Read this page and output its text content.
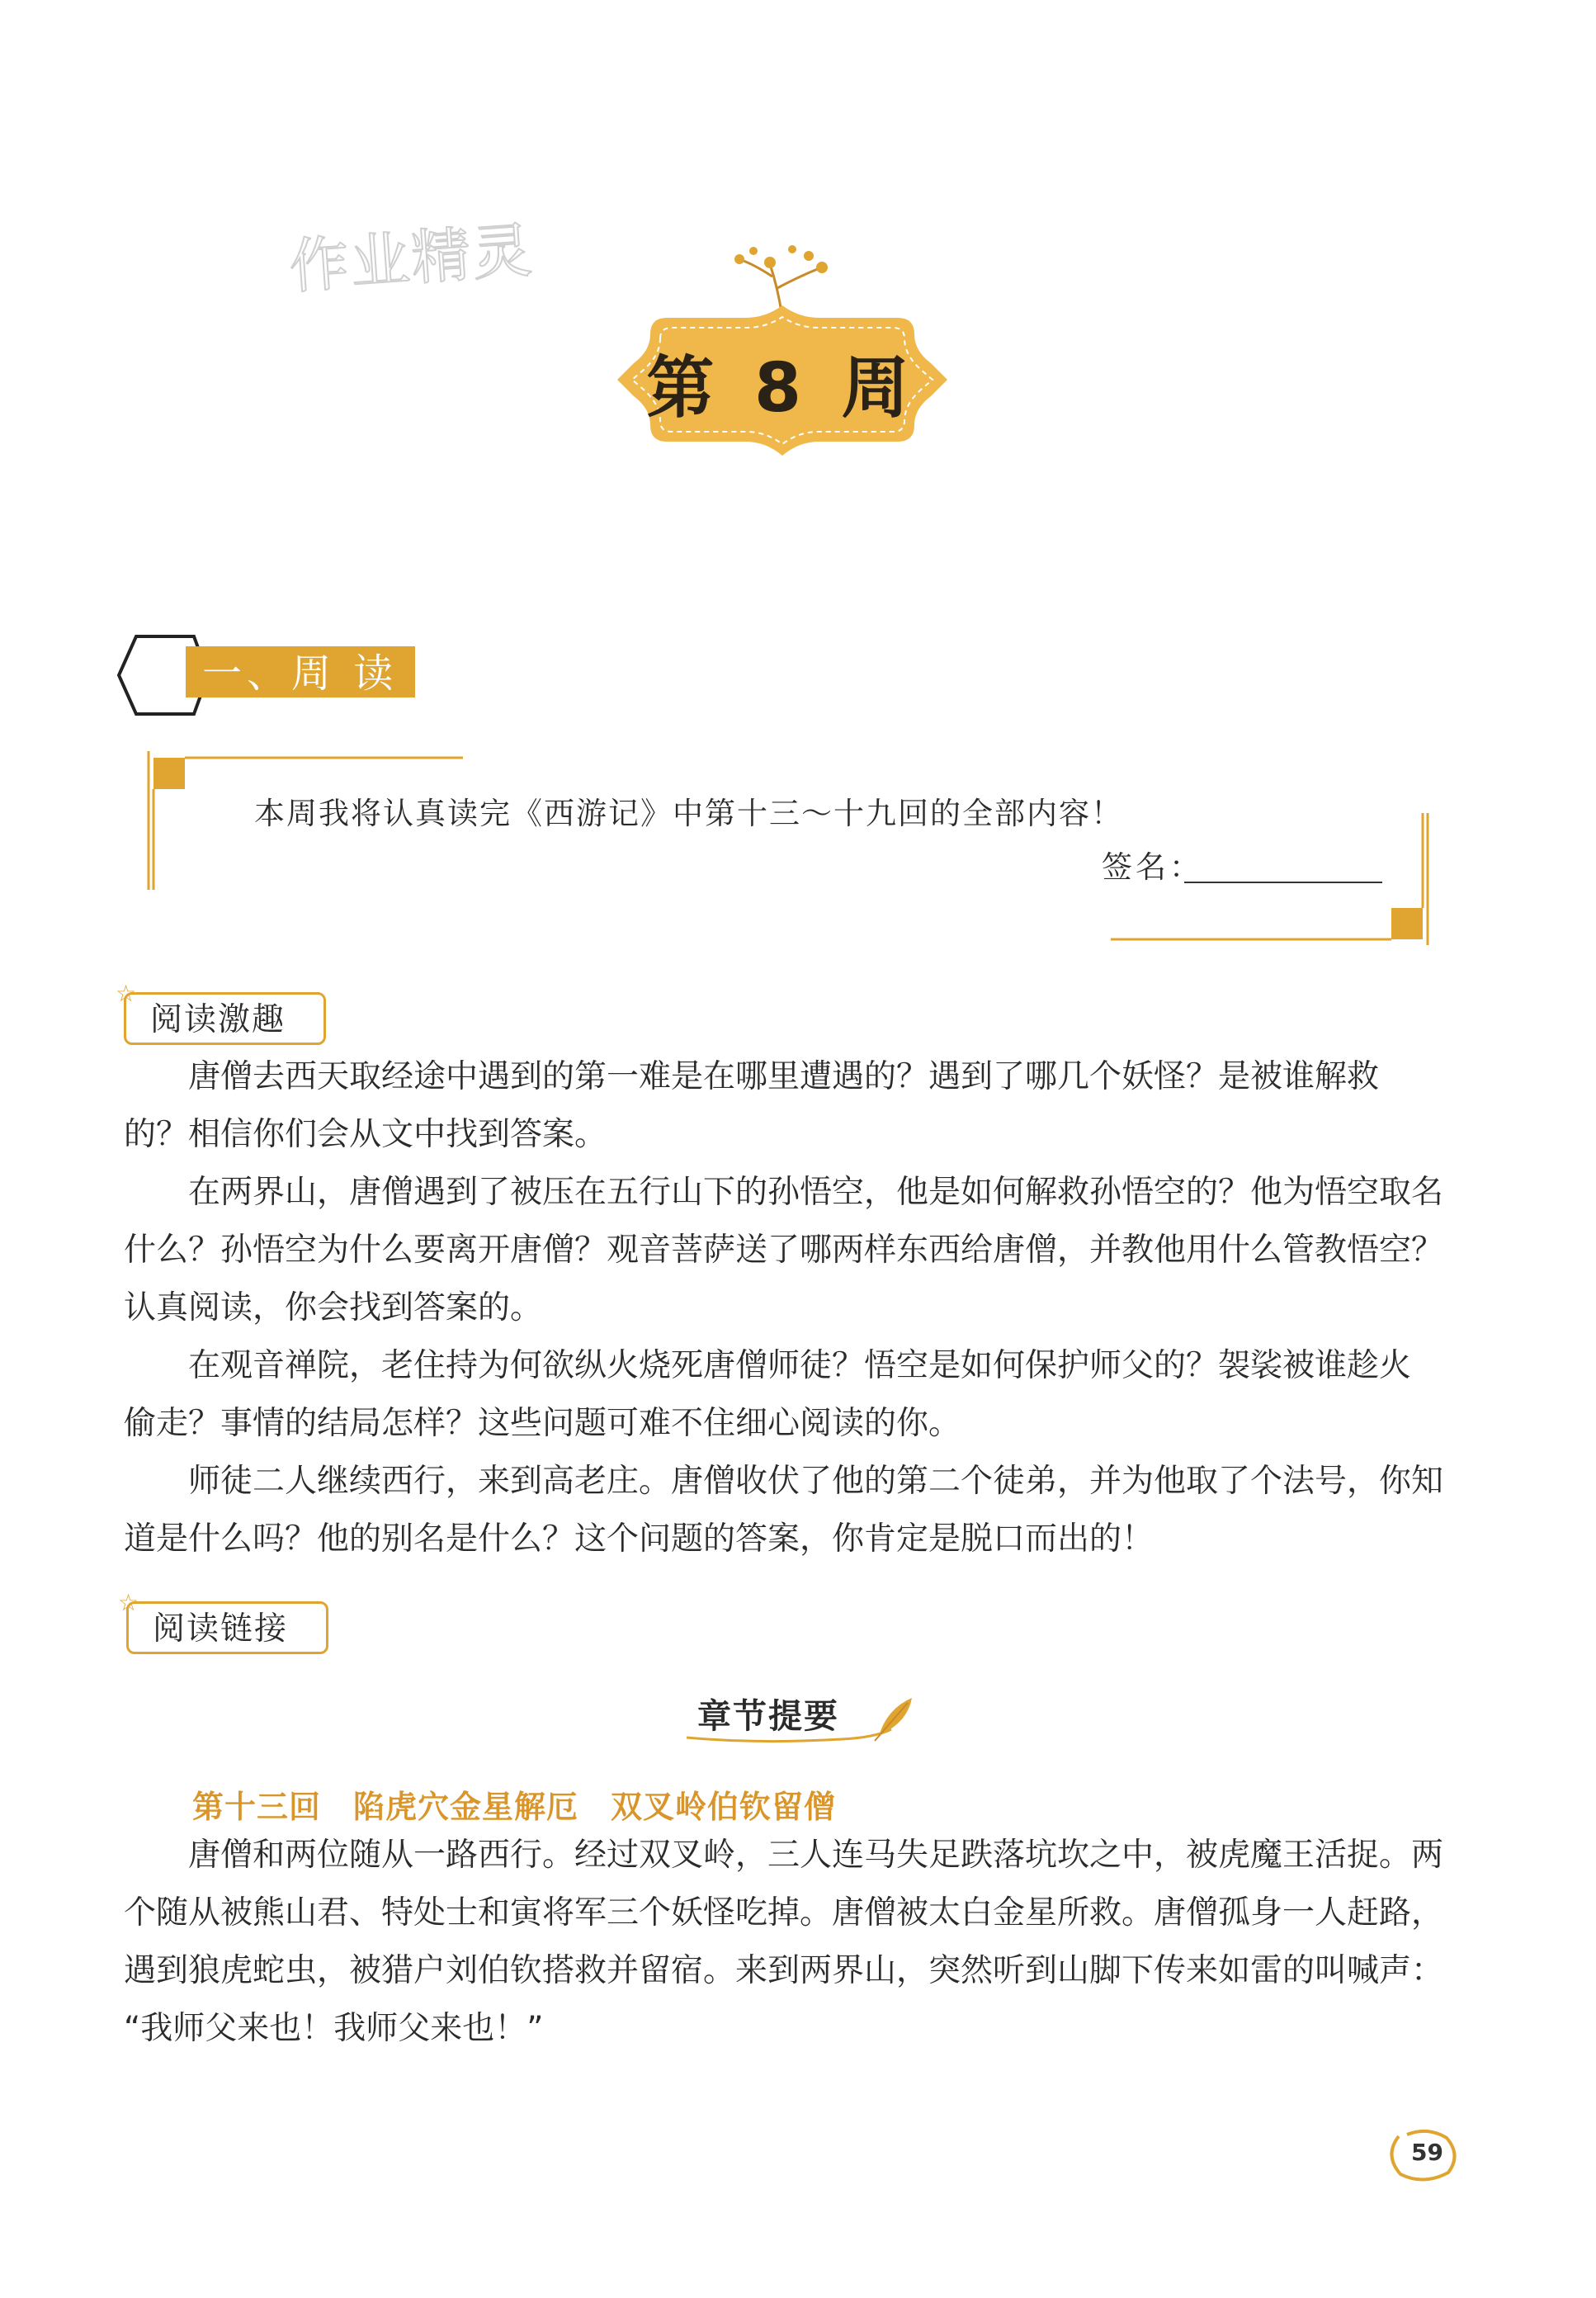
作业精灵
第 8 周
一、周 读
本周我将认真读完《西游记》中第十三～十九回的全部内容！
签名：
☆
阅读激趣
唐僧去西天取经途中遇到的第一难是在哪里遭遇的？遇到了哪几个妖怪？是被谁解救
的？相信你们会从文中找到答案。
在两界山，唐僧遇到了被压在五行山下的孙悟空，他是如何解救孙悟空的？他为悟空取名
什么？孙悟空为什么要离开唐僧？观音菩萨送了哪两样东西给唐僧，并教他用什么管教悟空？
认真阅读，你会找到答案的。
在观音禅院，老住持为何欲纵火烧死唐僧师徒？悟空是如何保护师父的？袈裟被谁趁火
偷走？事情的结局怎样？这些问题可难不住细心阅读的你。
师徒二人继续西行，来到高老庄。唐僧收伏了他的第二个徒弟，并为他取了个法号，你知
道是什么吗？他的别名是什么？这个问题的答案，你肯定是脱口而出的！
☆
阅读链接
章节提要
第十三回　陷虎穴金星解厄　双叉岭伯钦留僧
唐僧和两位随从一路西行。经过双叉岭，三人连马失足跌落坑坎之中，被虎魔王活捉。两
个随从被熊山君、特处士和寅将军三个妖怪吃掉。唐僧被太白金星所救。唐僧孤身一人赶路，
遇到狼虎蛇虫，被猎户刘伯钦搭救并留宿。来到两界山，突然听到山脚下传来如雷的叫喊声：
“我师父来也！我师父来也！”
59
